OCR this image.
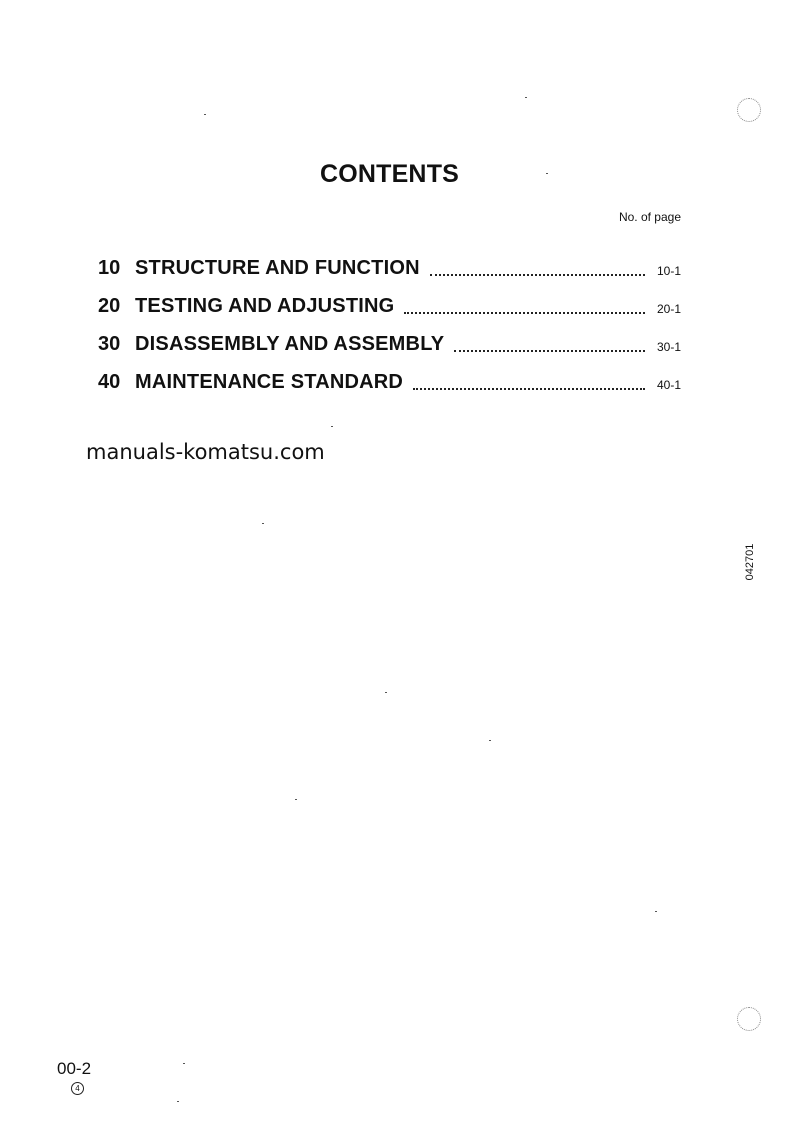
CONTENTS
No. of page
10 STRUCTURE AND FUNCTION	10-1
20 TESTING AND ADJUSTING	20-1
30 DISASSEMBLY AND ASSEMBLY	30-1
40 MAINTENANCE STANDARD	40-1
manuals-komatsu.com
042701
00-2
4
